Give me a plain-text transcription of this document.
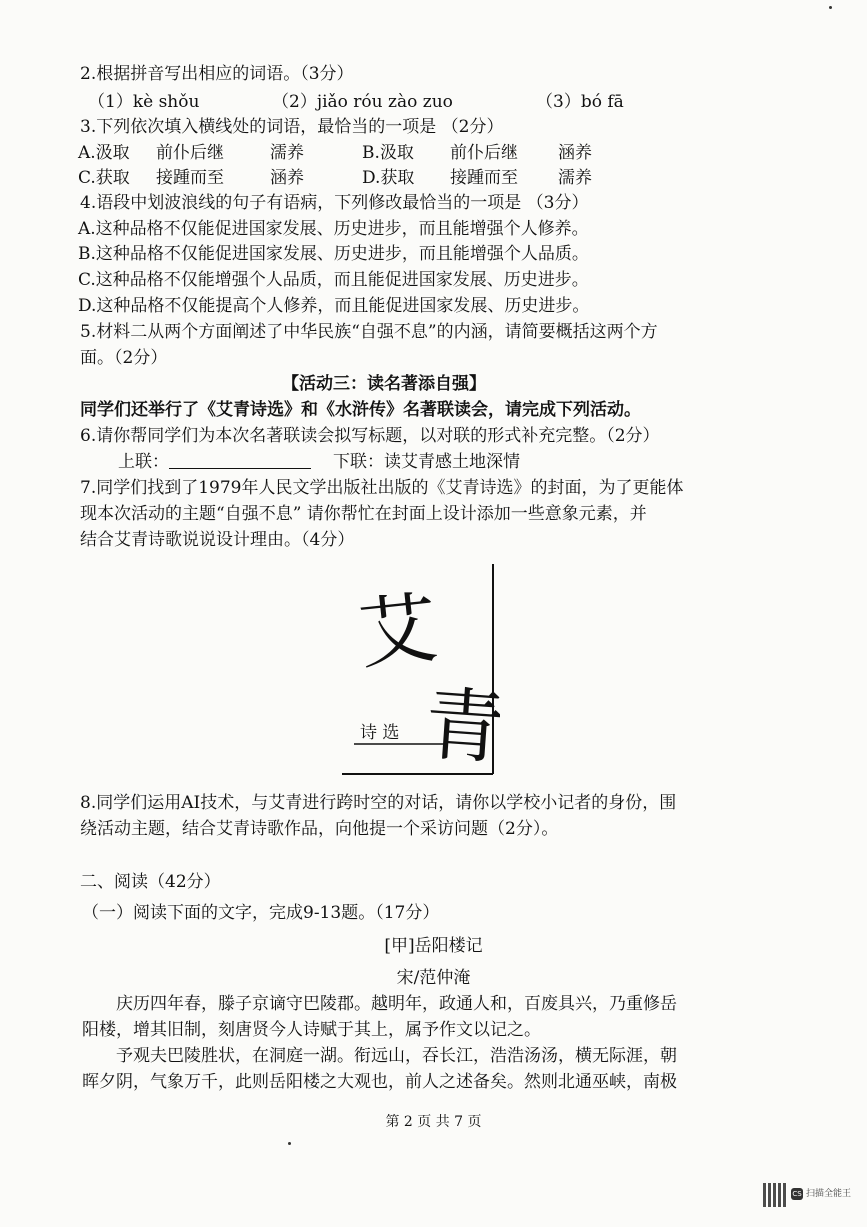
2.根据拼音写出相应的词语。（3分）
（1）kè shǒu	（2）jiǎo róu zào zuo	（3）bó fā
3.下列依次填入横线处的词语，最恰当的一项是 （2分）
A.汲取 前仆后继	濡养	B.汲取 前仆后继 涵养
C.获取 接踵而至	涵养	D.获取 接踵而至 濡养
4.语段中划波浪线的句子有语病，下列修改最恰当的一项是 （3分）
A.这种品格不仅能促进国家发展、历史进步，而且能增强个人修养。
B.这种品格不仅能促进国家发展、历史进步，而且能增强个人品质。
C.这种品格不仅能增强个人品质，而且能促进国家发展、历史进步。
D.这种品格不仅能提高个人修养，而且能促进国家发展、历史进步。
5.材料二从两个方面阐述了中华民族“自强不息”的内涵，请简要概括这两个方
面。（2分）
【活动三：读名著添自强】
同学们还举行了《艾青诗选》和《水浒传》名著联读会，请完成下列活动。
6.请你帮同学们为本次名著联读会拟写标题，以对联的形式补充完整。（2分）
上联：	下联：读艾青感土地深情
7.同学们找到了1979年人民文学出版社出版的《艾青诗选》的封面，为了更能体
现本次活动的主题“自强不息” 请你帮忙在封面上设计添加一些意象元素，并
结合艾青诗歌说说设计理由。（4分）
艾
青
诗 选
8.同学们运用AI技术，与艾青进行跨时空的对话，请你以学校小记者的身份，围
绕活动主题，结合艾青诗歌作品，向他提一个采访问题（2分）。
二、阅读（42分）
（一）阅读下面的文字，完成9-13题。（17分）
[甲]岳阳楼记
宋/范仲淹
庆历四年春，滕子京谪守巴陵郡。越明年，政通人和，百废具兴，乃重修岳
阳楼，增其旧制，刻唐贤今人诗赋于其上，属予作文以记之。
予观夫巴陵胜状，在洞庭一湖。衔远山，吞长江，浩浩汤汤，横无际涯，朝
晖夕阴，气象万千，此则岳阳楼之大观也，前人之述备矣。然则北通巫峡，南极
第 2 页 共 7 页
CS 扫描全能王
